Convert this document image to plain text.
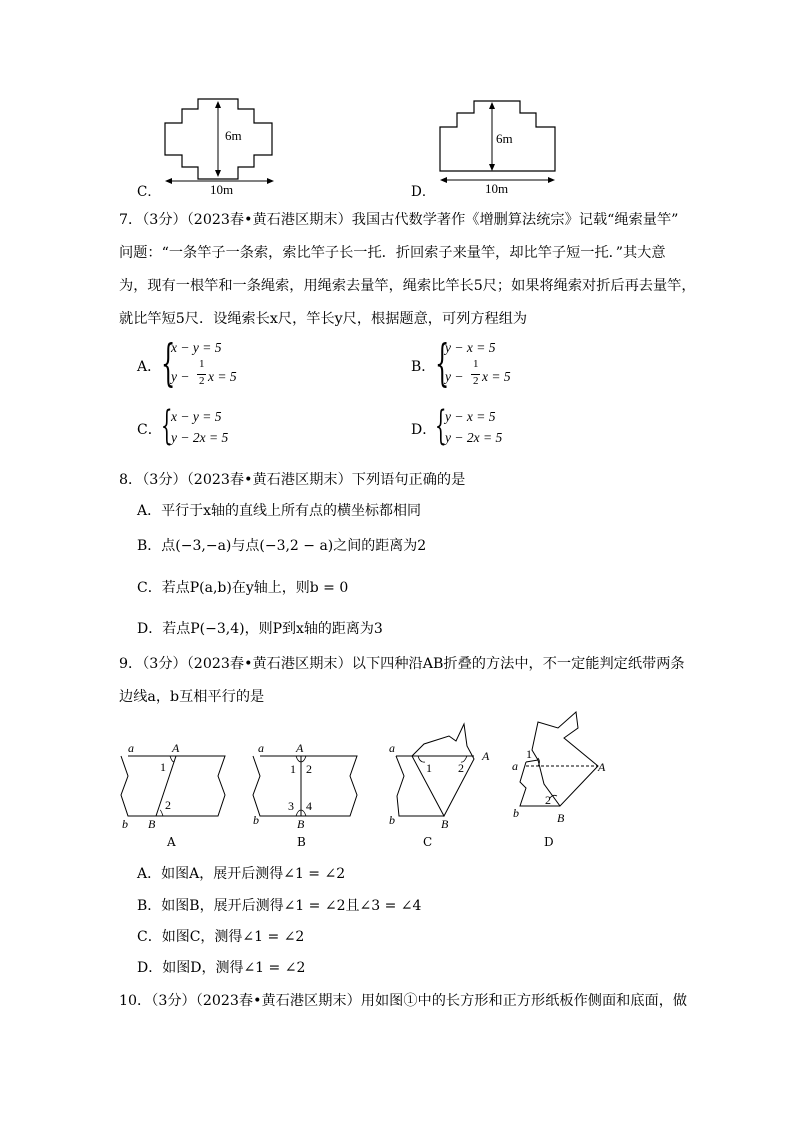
6m
10m
C．
6m
10m
D．
7．（3分）（2023春•黄石港区期末）我国古代数学著作《增删算法统宗》记载“绳索量竿”
问题：“一条竿子一条索，索比竿子长一托．折回索子来量竿，却比竿子短一托．”其大意
为，现有一根竿和一条绳索，用绳索去量竿，绳索比竿长5尺；如果将绳索对折后再去量竿，
就比竿短5尺．设绳索长x尺，竿长y尺，根据题意，可列方程组为
A． {
x − y = 5
y −
1
2 x = 5
B． {
y − x = 5
y −
1
2 x = 5
C． {
x − y = 5
y − 2x = 5	D．
{
y − x = 5
y − 2x = 5
8．（3分）（2023春•黄石港区期末）下列语句正确的是
A．平行于x轴的直线上所有点的横坐标都相同
B．点(−3,−a)与点(−3,2 − a)之间的距离为2
C．若点P(a,b)在y轴上，则b = 0
D．若点P(−3,4)，则P到x轴的距离为3
9．（3分）（2023春•黄石港区期末）以下四种沿AB折叠的方法中，不一定能判定纸带两条
边线a，b互相平行的是
a	A
1
2
b B
A
a	A
1 2
3 4
b	B
B
a
1 2
A
b	B
C
1
a	A
2
b	B
D
A．如图A，展开后测得∠1 = ∠2
B．如图B，展开后测得∠1 = ∠2且∠3 = ∠4
C．如图C，测得∠1 = ∠2
D．如图D，测得∠1 = ∠2
10．（3分）（2023春•黄石港区期末）用如图①中的长方形和正方形纸板作侧面和底面，做
